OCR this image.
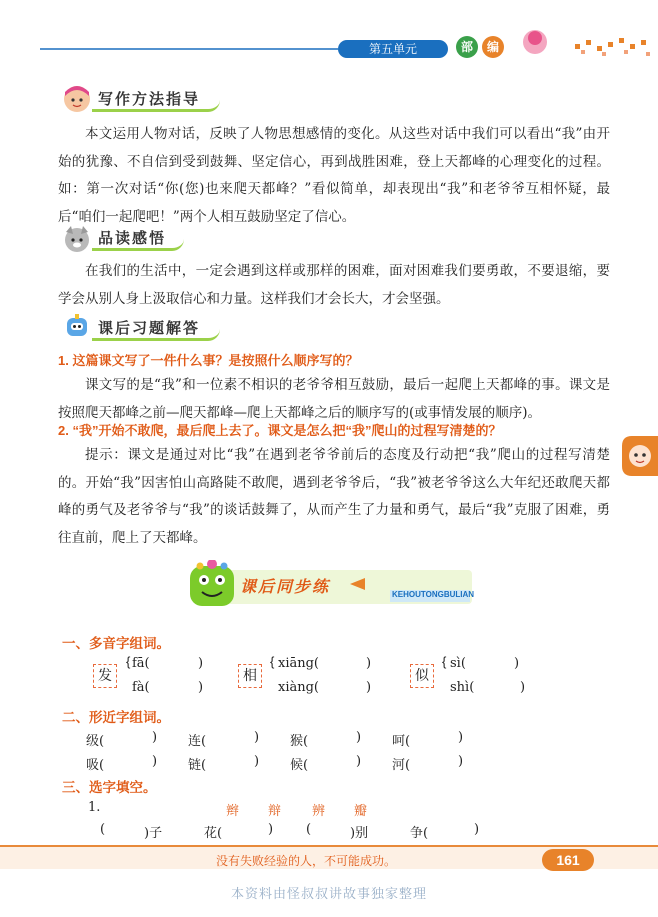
第五单元	部	编
写作方法指导
本文运用人物对话，反映了人物思想感情的变化。从这些对话中我们可以看出“我”由开始的犹豫、不自信到受到鼓舞、坚定信心，再到战胜困难，登上天都峰的心理变化的过程。如：第一次对话“你(您)也来爬天都峰？”看似简单，却表现出“我”和老爷爷互相怀疑，最后“咱们一起爬吧！”两个人相互鼓励坚定了信心。
品读感悟
在我们的生活中，一定会遇到这样或那样的困难，面对困难我们要勇敢，不要退缩，要学会从别人身上汲取信心和力量。这样我们才会长大，才会坚强。
课后习题解答
1. 这篇课文写了一件什么事？是按照什么顺序写的？
课文写的是“我”和一位素不相识的老爷爷相互鼓励，最后一起爬上天都峰的事。课文是按照爬天都峰之前—爬天都峰—爬上天都峰之后的顺序写的(或事情发展的顺序)。
2. “我”开始不敢爬，最后爬上去了。课文是怎么把“我”爬山的过程写清楚的？
提示：课文是通过对比“我”在遇到老爷爷前后的态度及行动把“我”爬山的过程写清楚的。开始“我”因害怕山高路陡不敢爬，遇到老爷爷后，“我”被老爷爷这么大年纪还敢爬天都峰的勇气及老爷爷与“我”的谈话鼓舞了，从而产生了力量和勇气，最后“我”克服了困难，勇往直前，爬上了天都峰。
课后同步练	KEHOUTONGBULIAN
一、多音字组词。
发
{ fā(	)
fà(	)
相
{ xiāng(	)
xiàng(	)
似
{ sì(	)
shì(	)
二、形近字组词。
级(	) 连(	) 猴(	) 呵(	)
吸(	) 链(	) 候(	) 河(	)
三、选字填空。
1.	辫 辩 辨 瓣
(	)子	花(	)	(	)别	争(	)
没有失败经验的人，不可能成功。	161
本资料由怪叔叔讲故事独家整理
